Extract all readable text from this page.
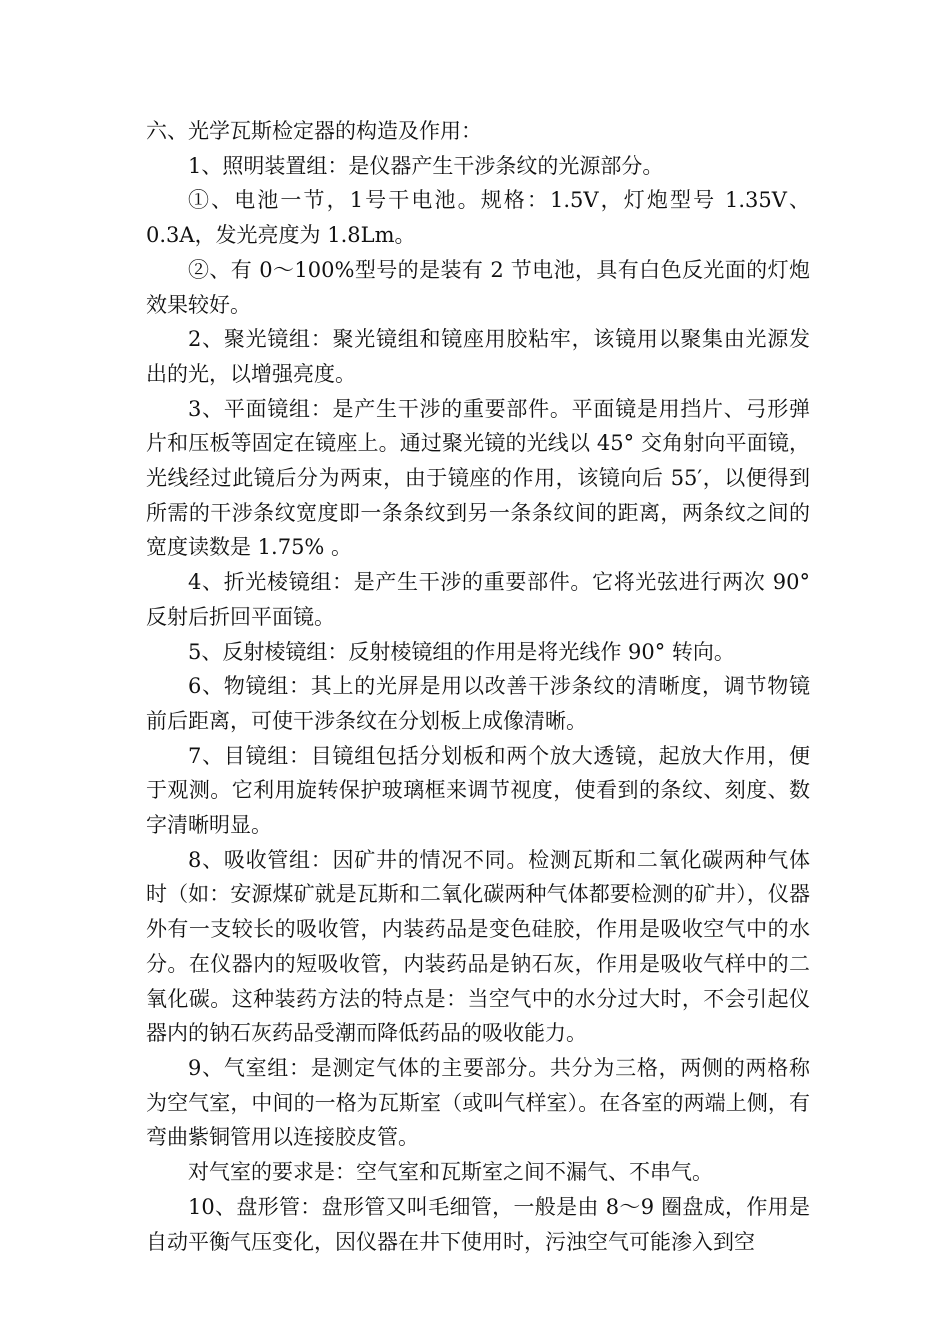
六、光学瓦斯检定器的构造及作用：

1、照明装置组：是仪器产生干涉条纹的光源部分。

①、电池一节，1号干电池。规格：1.5V，灯炮型号 1.35V、0.3A，发光亮度为 1.8Lm。

②、有 0～100%型号的是装有 2 节电池，具有白色反光面的灯炮效果较好。

2、聚光镜组：聚光镜组和镜座用胶粘牢，该镜用以聚集由光源发出的光，以增强亮度。

3、平面镜组：是产生干涉的重要部件。平面镜是用挡片、弓形弹片和压板等固定在镜座上。通过聚光镜的光线以 45° 交角射向平面镜，光线经过此镜后分为两束，由于镜座的作用，该镜向后 55′，以便得到所需的干涉条纹宽度即一条条纹到另一条条纹间的距离，两条纹之间的宽度读数是 1.75% 。

4、折光棱镜组：是产生干涉的重要部件。它将光弦进行两次 90°反射后折回平面镜。

5、反射棱镜组：反射棱镜组的作用是将光线作 90° 转向。

6、物镜组：其上的光屏是用以改善干涉条纹的清晰度，调节物镜前后距离，可使干涉条纹在分划板上成像清晰。

7、目镜组：目镜组包括分划板和两个放大透镜，起放大作用，便于观测。它利用旋转保护玻璃框来调节视度，使看到的条纹、刻度、数字清晰明显。

8、吸收管组：因矿井的情况不同。检测瓦斯和二氧化碳两种气体时（如：安源煤矿就是瓦斯和二氧化碳两种气体都要检测的矿井），仪器外有一支较长的吸收管，内装药品是变色硅胶，作用是吸收空气中的水分。在仪器内的短吸收管，内装药品是钠石灰，作用是吸收气样中的二氧化碳。这种装药方法的特点是：当空气中的水分过大时，不会引起仪器内的钠石灰药品受潮而降低药品的吸收能力。

9、气室组：是测定气体的主要部分。共分为三格，两侧的两格称为空气室，中间的一格为瓦斯室（或叫气样室）。在各室的两端上侧，有弯曲紫铜管用以连接胶皮管。

对气室的要求是：空气室和瓦斯室之间不漏气、不串气。

10、盘形管：盘形管又叫毛细管，一般是由 8～9 圈盘成，作用是自动平衡气压变化，因仪器在井下使用时，污浊空气可能渗入到空
